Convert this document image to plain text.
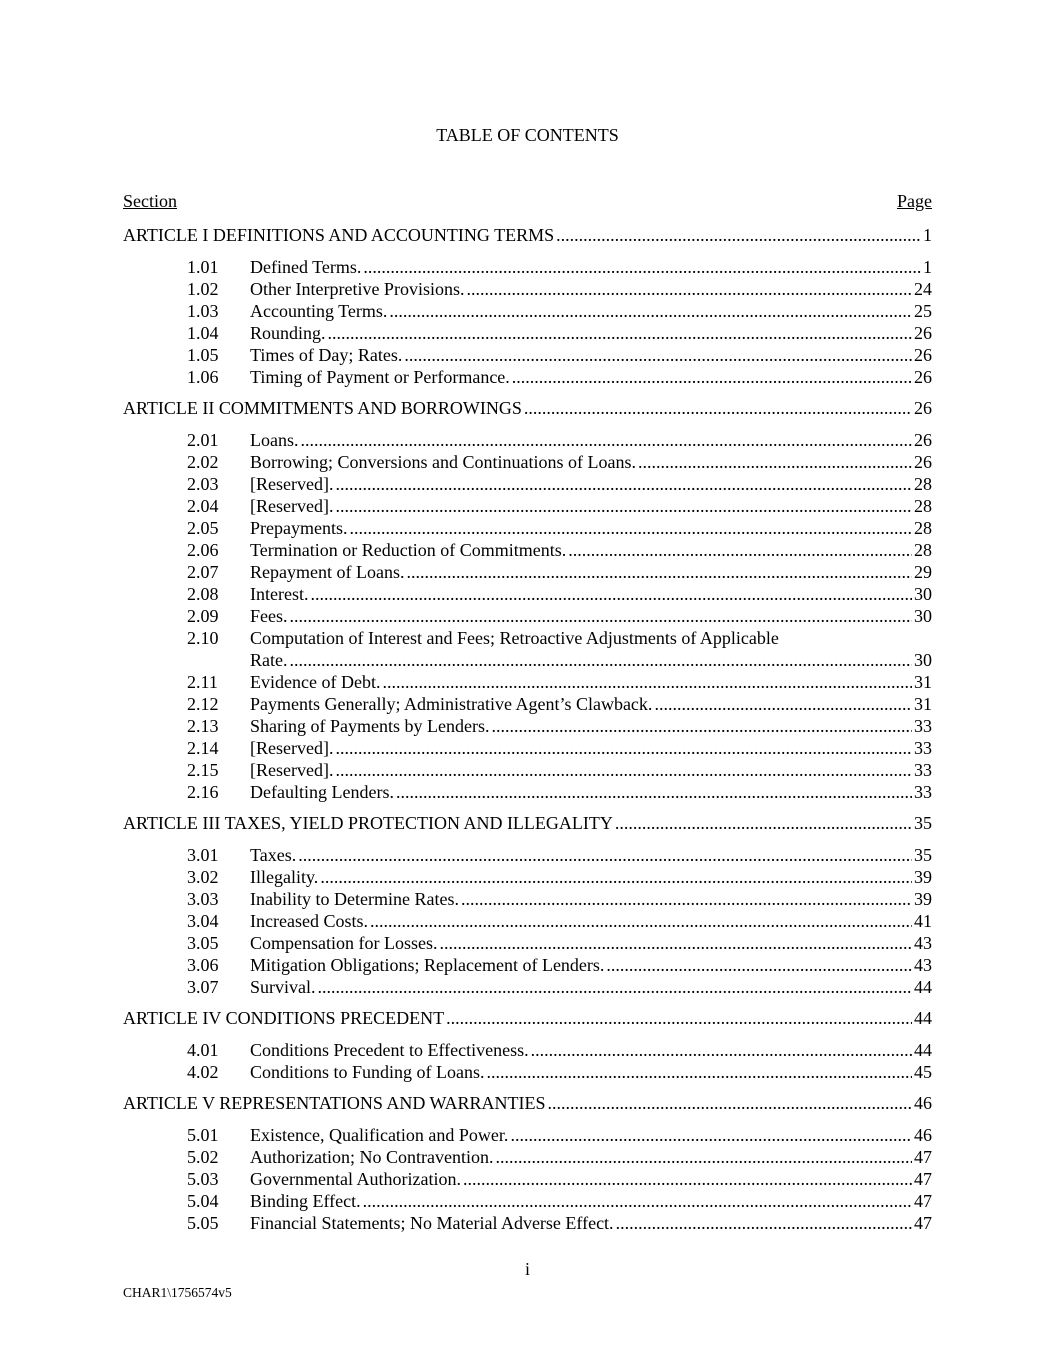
TABLE OF CONTENTS
Section	Page
ARTICLE I DEFINITIONS AND ACCOUNTING TERMS .....	1
1.01	Defined Terms. .....	1
1.02	Other Interpretive Provisions. .....	24
1.03	Accounting Terms. .....	25
1.04	Rounding. .....	26
1.05	Times of Day; Rates. .....	26
1.06	Timing of Payment or Performance. .....	26
ARTICLE II COMMITMENTS AND BORROWINGS .....	26
2.01	Loans. .....	26
2.02	Borrowing; Conversions and Continuations of Loans. .....	26
2.03	[Reserved]. .....	28
2.04	[Reserved]. .....	28
2.05	Prepayments. .....	28
2.06	Termination or Reduction of Commitments. .....	28
2.07	Repayment of Loans. .....	29
2.08	Interest. .....	30
2.09	Fees. .....	30
2.10	Computation of Interest and Fees; Retroactive Adjustments of Applicable
Rate. .....	30
2.11	Evidence of Debt. .....	31
2.12	Payments Generally; Administrative Agent’s Clawback. .....	31
2.13	Sharing of Payments by Lenders. .....	33
2.14	[Reserved]. .....	33
2.15	[Reserved]. .....	33
2.16	Defaulting Lenders. .....	33
ARTICLE III TAXES, YIELD PROTECTION AND ILLEGALITY .....	35
3.01	Taxes. .....	35
3.02	Illegality. .....	39
3.03	Inability to Determine Rates. .....	39
3.04	Increased Costs. .....	41
3.05	Compensation for Losses. .....	43
3.06	Mitigation Obligations; Replacement of Lenders. .....	43
3.07	Survival. .....	44
ARTICLE IV CONDITIONS PRECEDENT .....	44
4.01	Conditions Precedent to Effectiveness. .....	44
4.02	Conditions to Funding of Loans. .....	45
ARTICLE V REPRESENTATIONS AND WARRANTIES .....	46
5.01	Existence, Qualification and Power. .....	46
5.02	Authorization; No Contravention. .....	47
5.03	Governmental Authorization. .....	47
5.04	Binding Effect. .....	47
5.05	Financial Statements; No Material Adverse Effect. .....	47
i
CHAR1\1756574v5
